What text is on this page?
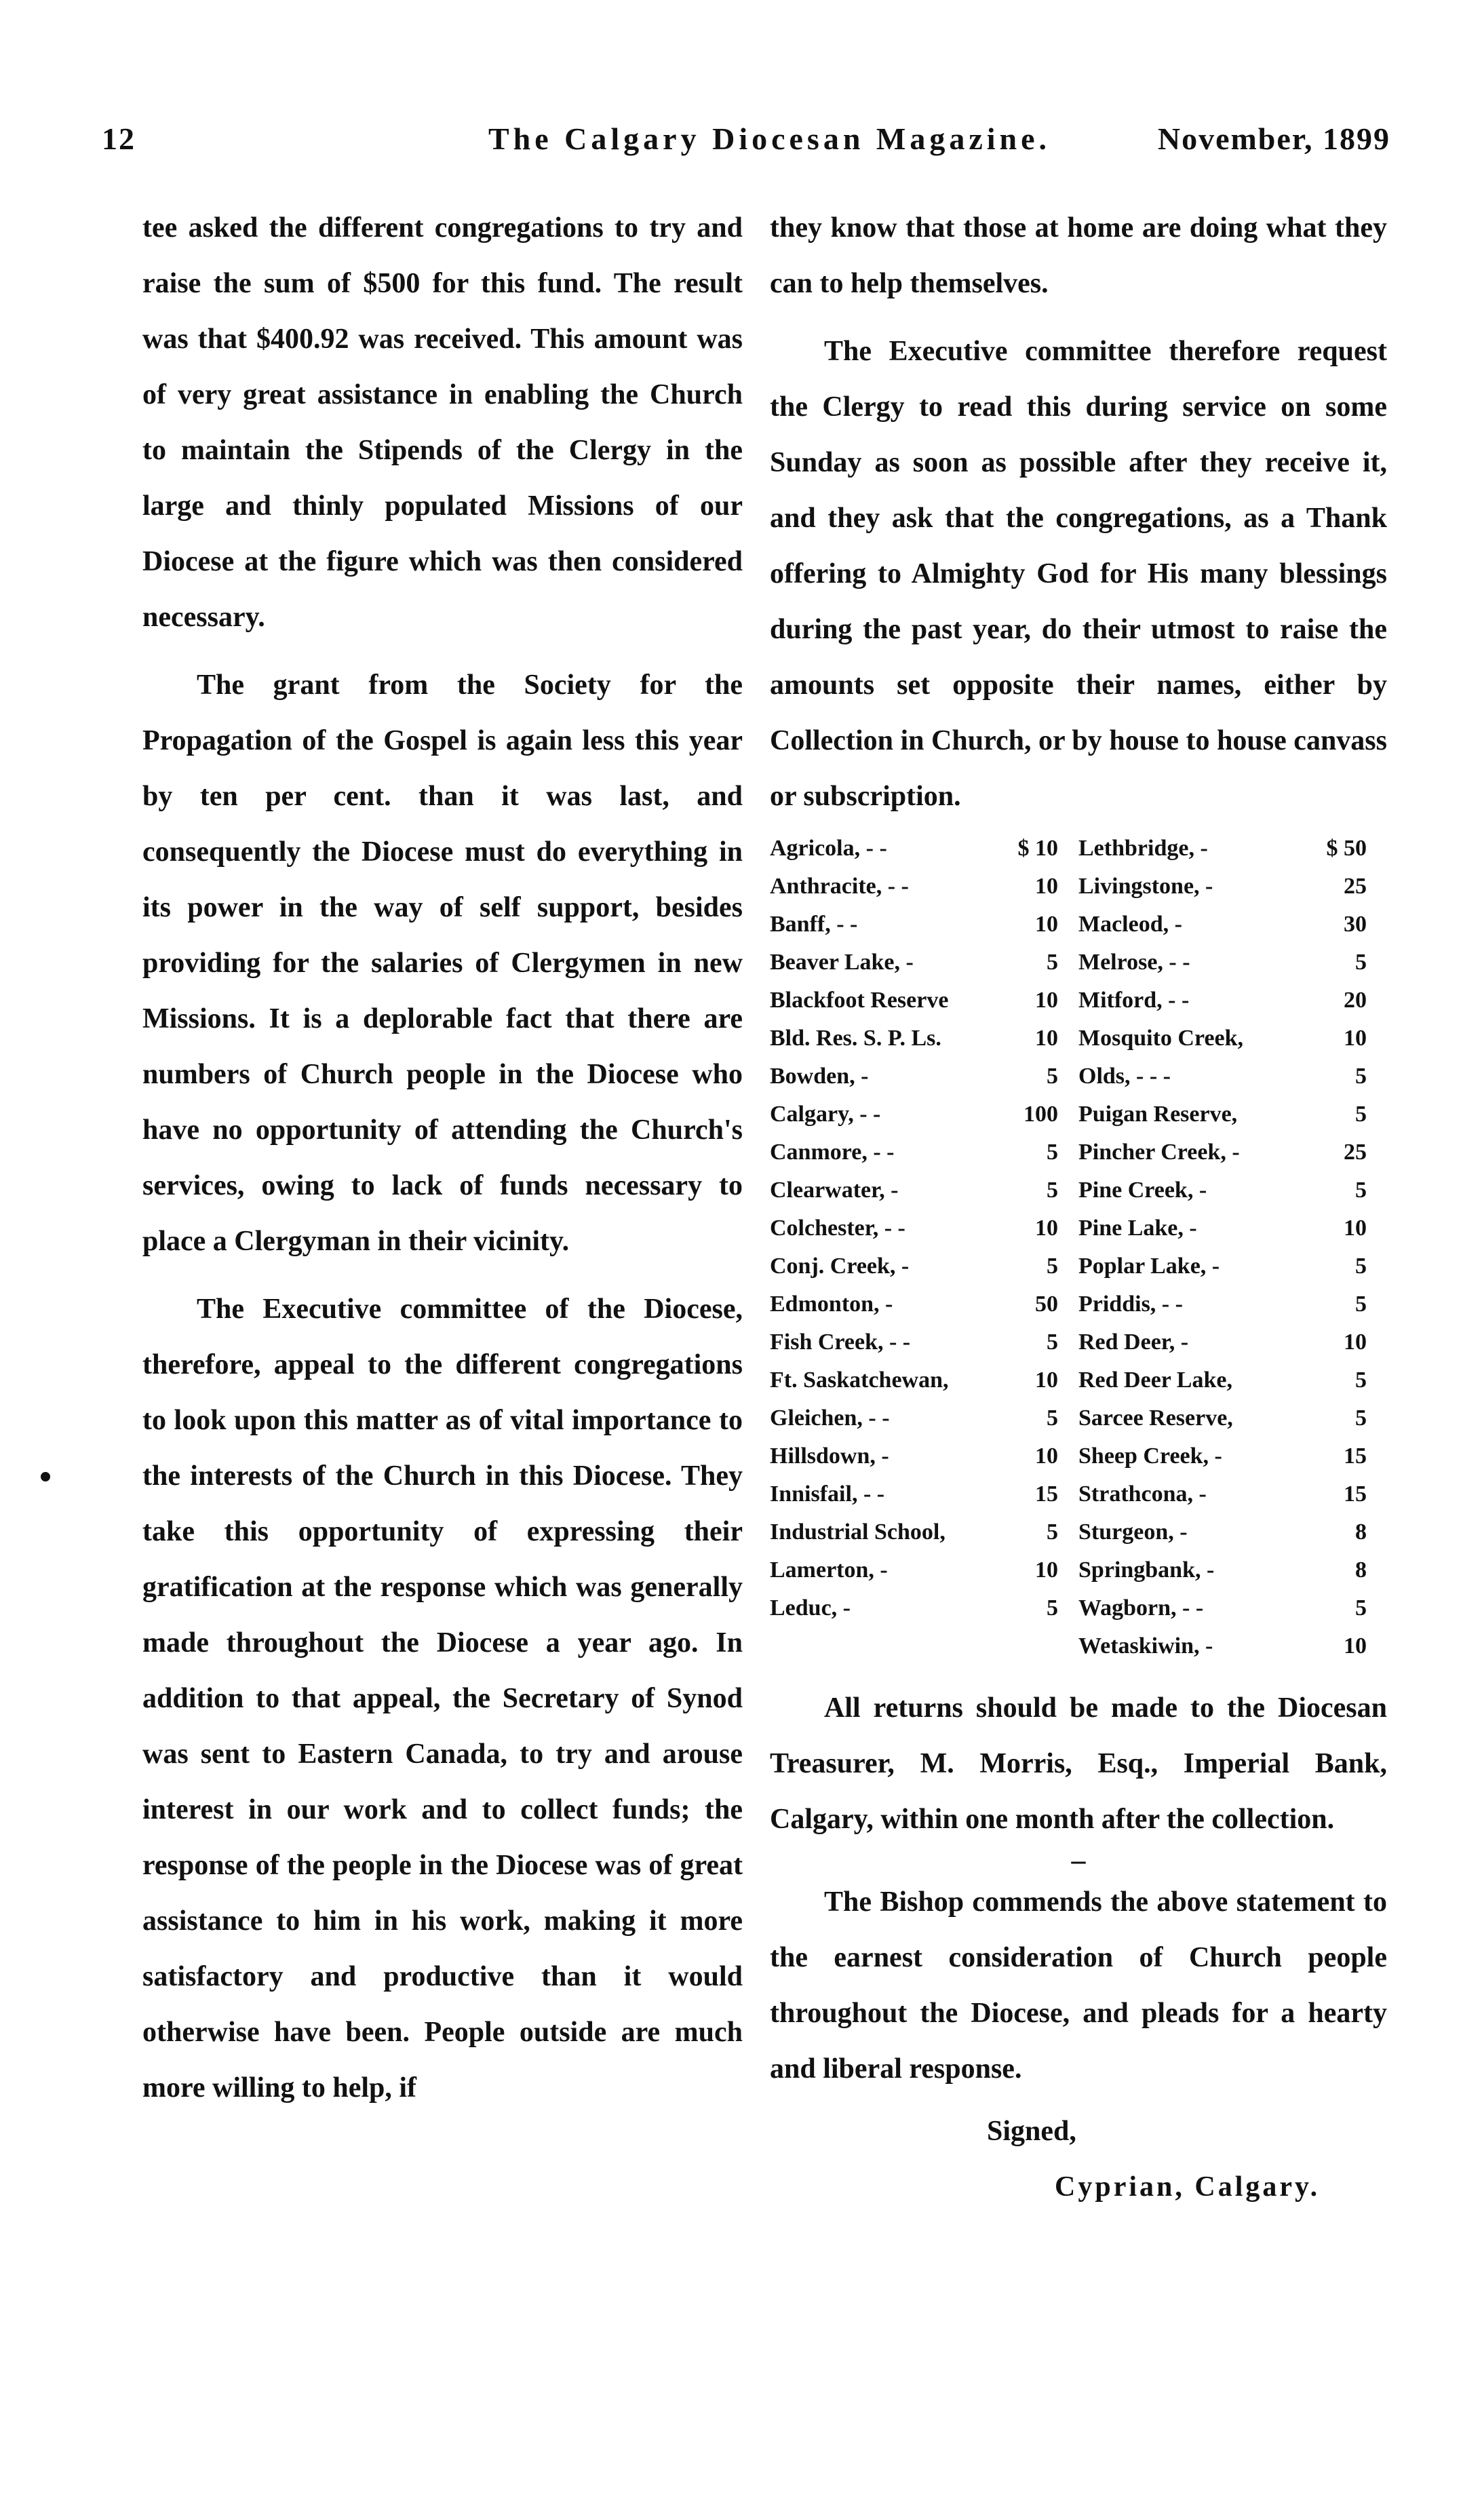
12	The Calgary Diocesan Magazine.	November, 1899

tee asked the different congregations to try and raise the sum of $500 for this fund. The result was that $400.92 was received. This amount was of very great assistance in enabling the Church to maintain the Stipends of the Clergy in the large and thinly populated Missions of our Diocese at the figure which was then considered necessary.

The grant from the Society for the Propagation of the Gospel is again less this year by ten per cent. than it was last, and consequently the Diocese must do everything in its power in the way of self support, besides providing for the salaries of Clergymen in new Missions. It is a deplorable fact that there are numbers of Church people in the Diocese who have no opportunity of attending the Church's services, owing to lack of funds necessary to place a Clergyman in their vicinity.

The Executive committee of the Diocese, therefore, appeal to the different congregations to look upon this matter as of vital importance to the interests of the Church in this Diocese. They take this opportunity of expressing their gratification at the response which was generally made throughout the Diocese a year ago. In addition to that appeal, the Secretary of Synod was sent to Eastern Canada, to try and arouse interest in our work and to collect funds; the response of the people in the Diocese was of great assistance to him in his work, making it more satisfactory and productive than it would otherwise have been. People outside are much more willing to help, if

they know that those at home are doing what they can to help themselves.

The Executive committee therefore request the Clergy to read this during service on some Sunday as soon as possible after they receive it, and they ask that the congregations, as a Thank offering to Almighty God for His many blessings during the past year, do their utmost to raise the amounts set opposite their names, either by Collection in Church, or by house to house canvass or subscription.

Agricola, - -	$ 10 Lethbridge, -	$ 50
Anthracite, - -	10 Livingstone, -	25
Banff, - -	10 Macleod, -	30
Beaver Lake, -	5 Melrose, - -	5
Blackfoot Reserve	10 Mitford, - -	20
Bld. Res. S. P. Ls.	10 Mosquito Creek,	10
Bowden, -	5 Olds, - - -	5
Calgary, - -	100 Puigan Reserve,	5
Canmore, - -	5 Pincher Creek, -	25
Clearwater, -	5 Pine Creek, -	5
Colchester, - -	10 Pine Lake, -	10
Conj. Creek, -	5 Poplar Lake, -	5
Edmonton, -	50 Priddis, - -	5
Fish Creek, - -	5 Red Deer, -	10
Ft. Saskatchewan,	10 Red Deer Lake,	5
Gleichen, - -	5 Sarcee Reserve,	5
Hillsdown, -	10 Sheep Creek, -	15
Innisfail, - -	15 Strathcona, -	15
Industrial School,	5 Sturgeon, -	8
Lamerton, -	10 Springbank, -	8
Leduc, -	5 Wagborn, - -	5
Wetaskiwin, -	10

All returns should be made to the Diocesan Treasurer, M. Morris, Esq., Imperial Bank, Calgary, within one month after the collection.

–

The Bishop commends the above statement to the earnest consideration of Church people throughout the Diocese, and pleads for a hearty and liberal response.

Signed,
Cyprian, Calgary.
